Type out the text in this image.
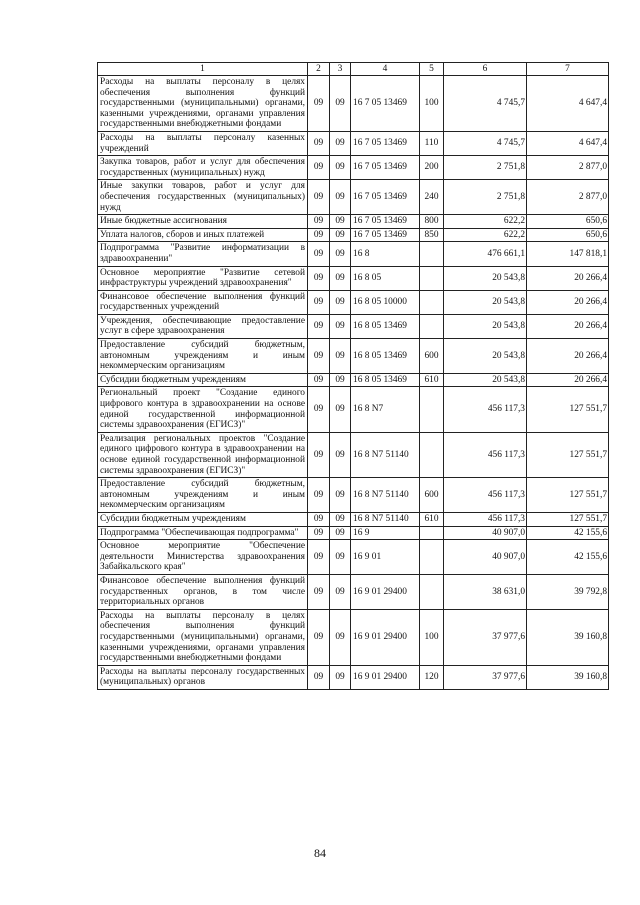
1	2	3	4	5	6	7
Расходы на выплаты персоналу в целях обеспечения выполнения функций государственными (муниципальными) органами, казенными учреждениями, органами управления государственными внебюджетными фондами	09	09	16 7 05 13469	100	4 745,7	4 647,4
Расходы на выплаты персоналу казенных учреждений	09	09	16 7 05 13469	110	4 745,7	4 647,4
Закупка товаров, работ и услуг для обеспечения государственных (муниципальных) нужд	09	09	16 7 05 13469	200	2 751,8	2 877,0
Иные закупки товаров, работ и услуг для обеспечения государственных (муниципальных) нужд	09	09	16 7 05 13469	240	2 751,8	2 877,0
Иные бюджетные ассигнования	09	09	16 7 05 13469	800	622,2	650,6
Уплата налогов, сборов и иных платежей	09	09	16 7 05 13469	850	622,2	650,6
Подпрограмма "Развитие информатизации в здравоохранении"	09	09	16 8		476 661,1	147 818,1
Основное мероприятие "Развитие сетевой инфраструктуры учреждений здравоохранения"	09	09	16 8 05		20 543,8	20 266,4
Финансовое обеспечение выполнения функций государственных учреждений	09	09	16 8 05 10000		20 543,8	20 266,4
Учреждения, обеспечивающие предоставление услуг в сфере здравоохранения	09	09	16 8 05 13469		20 543,8	20 266,4
Предоставление субсидий бюджетным, автономным учреждениям и иным некоммерческим организациям	09	09	16 8 05 13469	600	20 543,8	20 266,4
Субсидии бюджетным учреждениям	09	09	16 8 05 13469	610	20 543,8	20 266,4
Региональный проект "Создание единого цифрового контура в здравоохранении на основе единой государственной информационной системы здравоохранения (ЕГИСЗ)"	09	09	16 8 N7		456 117,3	127 551,7
Реализация региональных проектов "Создание единого цифрового контура в здравоохранении на основе единой государственной информационной системы здравоохранения (ЕГИСЗ)"	09	09	16 8 N7 51140		456 117,3	127 551,7
Предоставление субсидий бюджетным, автономным учреждениям и иным некоммерческим организациям	09	09	16 8 N7 51140	600	456 117,3	127 551,7
Субсидии бюджетным учреждениям	09	09	16 8 N7 51140	610	456 117,3	127 551,7
Подпрограмма "Обеспечивающая подпрограмма"	09	09	16 9		40 907,0	42 155,6
Основное мероприятие "Обеспечение деятельности Министерства здравоохранения Забайкальского края"	09	09	16 9 01		40 907,0	42 155,6
Финансовое обеспечение выполнения функций государственных органов, в том числе территориальных органов	09	09	16 9 01 29400		38 631,0	39 792,8
Расходы на выплаты персоналу в целях обеспечения выполнения функций государственными (муниципальными) органами, казенными учреждениями, органами управления государственными внебюджетными фондами	09	09	16 9 01 29400	100	37 977,6	39 160,8
Расходы на выплаты персоналу государственных (муниципальных) органов	09	09	16 9 01 29400	120	37 977,6	39 160,8
84
